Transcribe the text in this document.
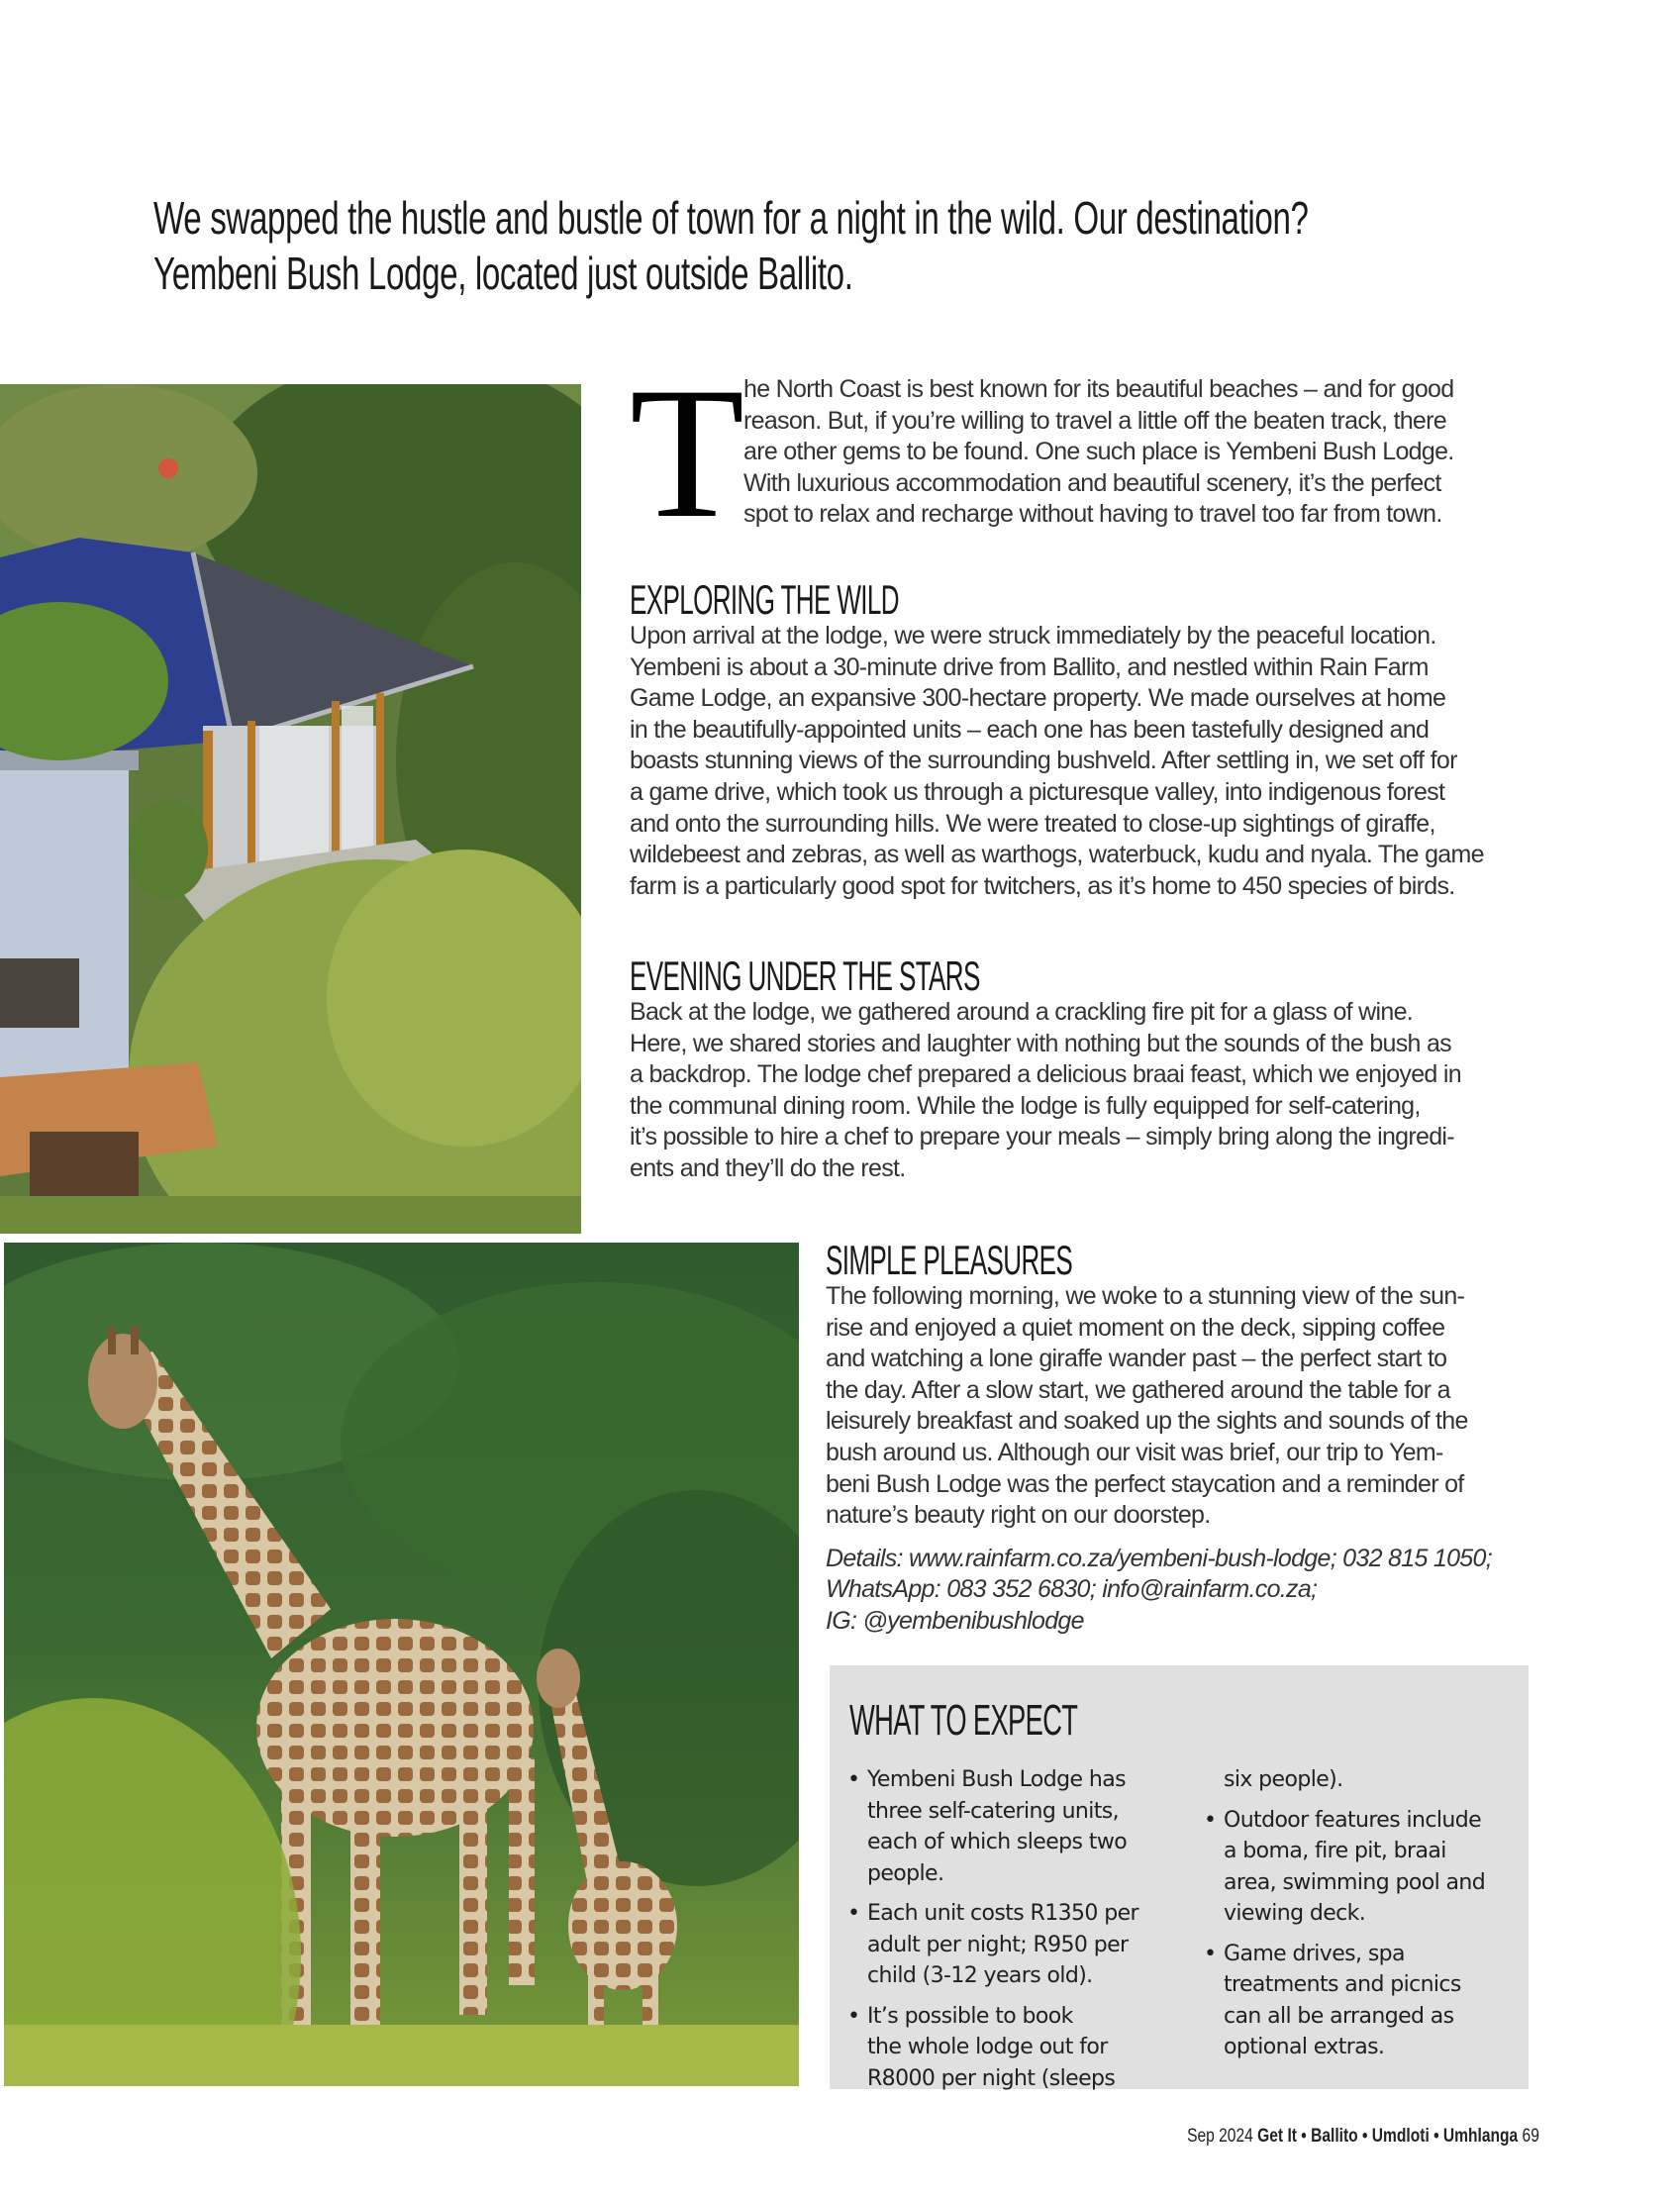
We swapped the hustle and bustle of town for a night in the wild. Our destination?
Yembeni Bush Lodge, located just outside Ballito.
T
he North Coast is best known for its beautiful beaches – and for good
reason. But, if you’re willing to travel a little off the beaten track, there
are other gems to be found. One such place is Yembeni Bush Lodge.
With luxurious accommodation and beautiful scenery, it’s the perfect
spot to relax and recharge without having to travel too far from town.
EXPLORING THE WILD
Upon arrival at the lodge, we were struck immediately by the peaceful location.
Yembeni is about a 30-minute drive from Ballito, and nestled within Rain Farm
Game Lodge, an expansive 300-hectare property. We made ourselves at home
in the beautifully-appointed units – each one has been tastefully designed and
boasts stunning views of the surrounding bushveld. After settling in, we set off for
a game drive, which took us through a picturesque valley, into indigenous forest
and onto the surrounding hills. We were treated to close-up sightings of giraffe,
wildebeest and zebras, as well as warthogs, waterbuck, kudu and nyala. The game
farm is a particularly good spot for twitchers, as it’s home to 450 species of birds.
EVENING UNDER THE STARS
Back at the lodge, we gathered around a crackling fire pit for a glass of wine.
Here, we shared stories and laughter with nothing but the sounds of the bush as
a backdrop. The lodge chef prepared a delicious braai feast, which we enjoyed in
the communal dining room. While the lodge is fully equipped for self-catering,
it’s possible to hire a chef to prepare your meals – simply bring along the ingredi-
ents and they’ll do the rest.
SIMPLE PLEASURES
The following morning, we woke to a stunning view of the sun-
rise and enjoyed a quiet moment on the deck, sipping coffee
and watching a lone giraffe wander past – the perfect start to
the day. After a slow start, we gathered around the table for a
leisurely breakfast and soaked up the sights and sounds of the
bush around us. Although our visit was brief, our trip to Yem-
beni Bush Lodge was the perfect staycation and a reminder of
nature’s beauty right on our doorstep.
Details: www.rainfarm.co.za/yembeni-bush-lodge; 032 815 1050;
WhatsApp: 083 352 6830; info@rainfarm.co.za;
IG: @yembenibushlodge
WHAT TO EXPECT
• Yembeni Bush Lodge has
three self-catering units,
each of which sleeps two
people.
• Each unit costs R1350 per
adult per night; R950 per
child (3-12 years old).
• It’s possible to book
the whole lodge out for
R8000 per night (sleeps
six people).
• Outdoor features include
a boma, fire pit, braai
area, swimming pool and
viewing deck.
• Game drives, spa
treatments and picnics
can all be arranged as
optional extras.
Sep 2024 Get It • Ballito • Umdloti • Umhlanga 69
